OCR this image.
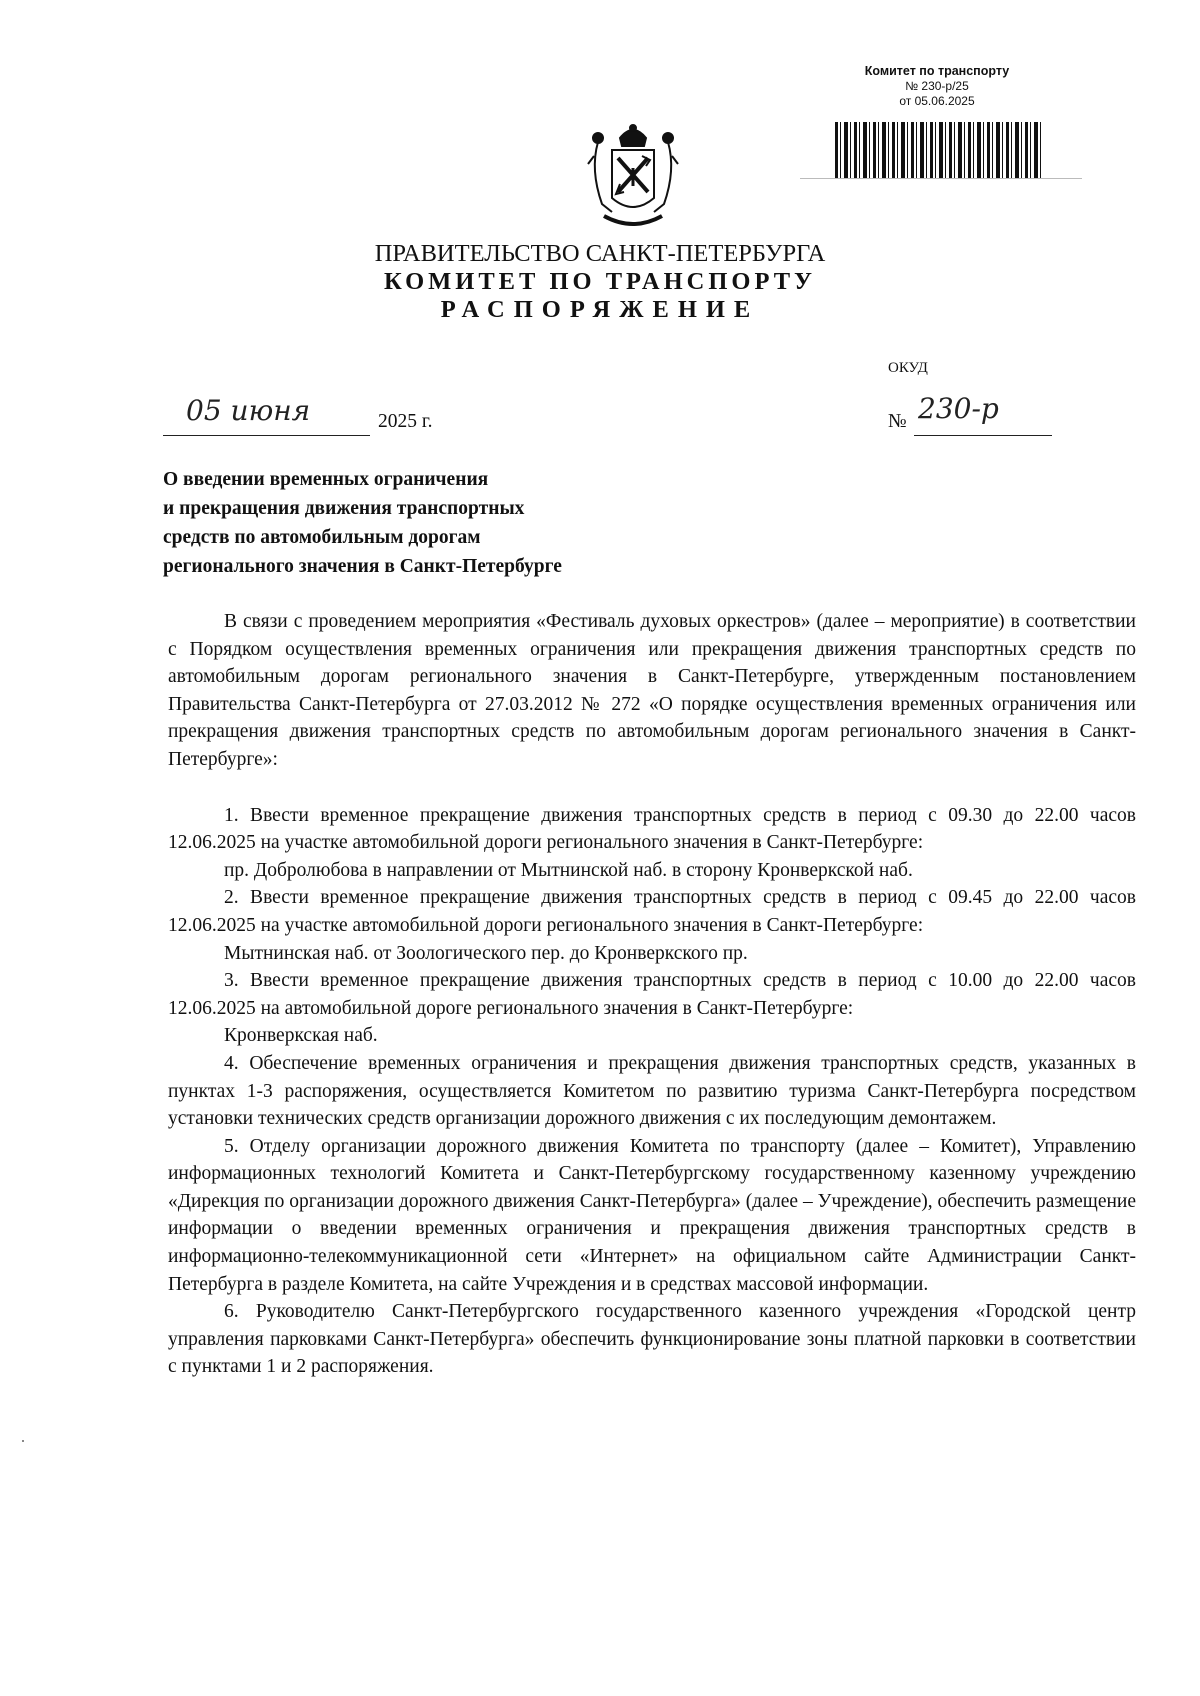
Комитет по транспорту
№ 230-р/25
от 05.06.2025
ПРАВИТЕЛЬСТВО САНКТ-ПЕТЕРБУРГА
КОМИТЕТ ПО ТРАНСПОРТУ
РАСПОРЯЖЕНИЕ
ОКУД
05 июня	2025 г.	№ 230-р
О введении временных ограничения
и прекращения движения транспортных
средств по автомобильным дорогам
регионального значения в Санкт-Петербурге

В связи с проведением мероприятия «Фестиваль духовых оркестров» (далее – мероприятие) в соответствии с Порядком осуществления временных ограничения или прекращения движения транспортных средств по автомобильным дорогам регионального значения в Санкт-Петербурге, утвержденным постановлением Правительства Санкт-Петербурга от 27.03.2012 № 272 «О порядке осуществления временных ограничения или прекращения движения транспортных средств по автомобильным дорогам регионального значения в Санкт-Петербурге»:

1. Ввести временное прекращение движения транспортных средств в период с 09.30 до 22.00 часов 12.06.2025 на участке автомобильной дороги регионального значения в Санкт-Петербурге:

пр. Добролюбова в направлении от Мытнинской наб. в сторону Кронверкской наб.

2. Ввести временное прекращение движения транспортных средств в период с 09.45 до 22.00 часов 12.06.2025 на участке автомобильной дороги регионального значения в Санкт-Петербурге:

Мытнинская наб. от Зоологического пер. до Кронверкского пр.

3. Ввести временное прекращение движения транспортных средств в период с 10.00 до 22.00 часов 12.06.2025 на автомобильной дороге регионального значения в Санкт-Петербурге:

Кронверкская наб.

4. Обеспечение временных ограничения и прекращения движения транспортных средств, указанных в пунктах 1-3 распоряжения, осуществляется Комитетом по развитию туризма Санкт-Петербурга посредством установки технических средств организации дорожного движения с их последующим демонтажем.

5. Отделу организации дорожного движения Комитета по транспорту (далее – Комитет), Управлению информационных технологий Комитета и Санкт-Петербургскому государственному казенному учреждению «Дирекция по организации дорожного движения Санкт-Петербурга» (далее – Учреждение), обеспечить размещение информации о введении временных ограничения и прекращения движения транспортных средств в информационно-телекоммуникационной сети «Интернет» на официальном сайте Администрации Санкт-Петербурга в разделе Комитета, на сайте Учреждения и в средствах массовой информации.

6. Руководителю Санкт-Петербургского государственного казенного учреждения «Городской центр управления парковками Санкт-Петербурга» обеспечить функционирование зоны платной парковки в соответствии с пунктами 1 и 2 распоряжения.
